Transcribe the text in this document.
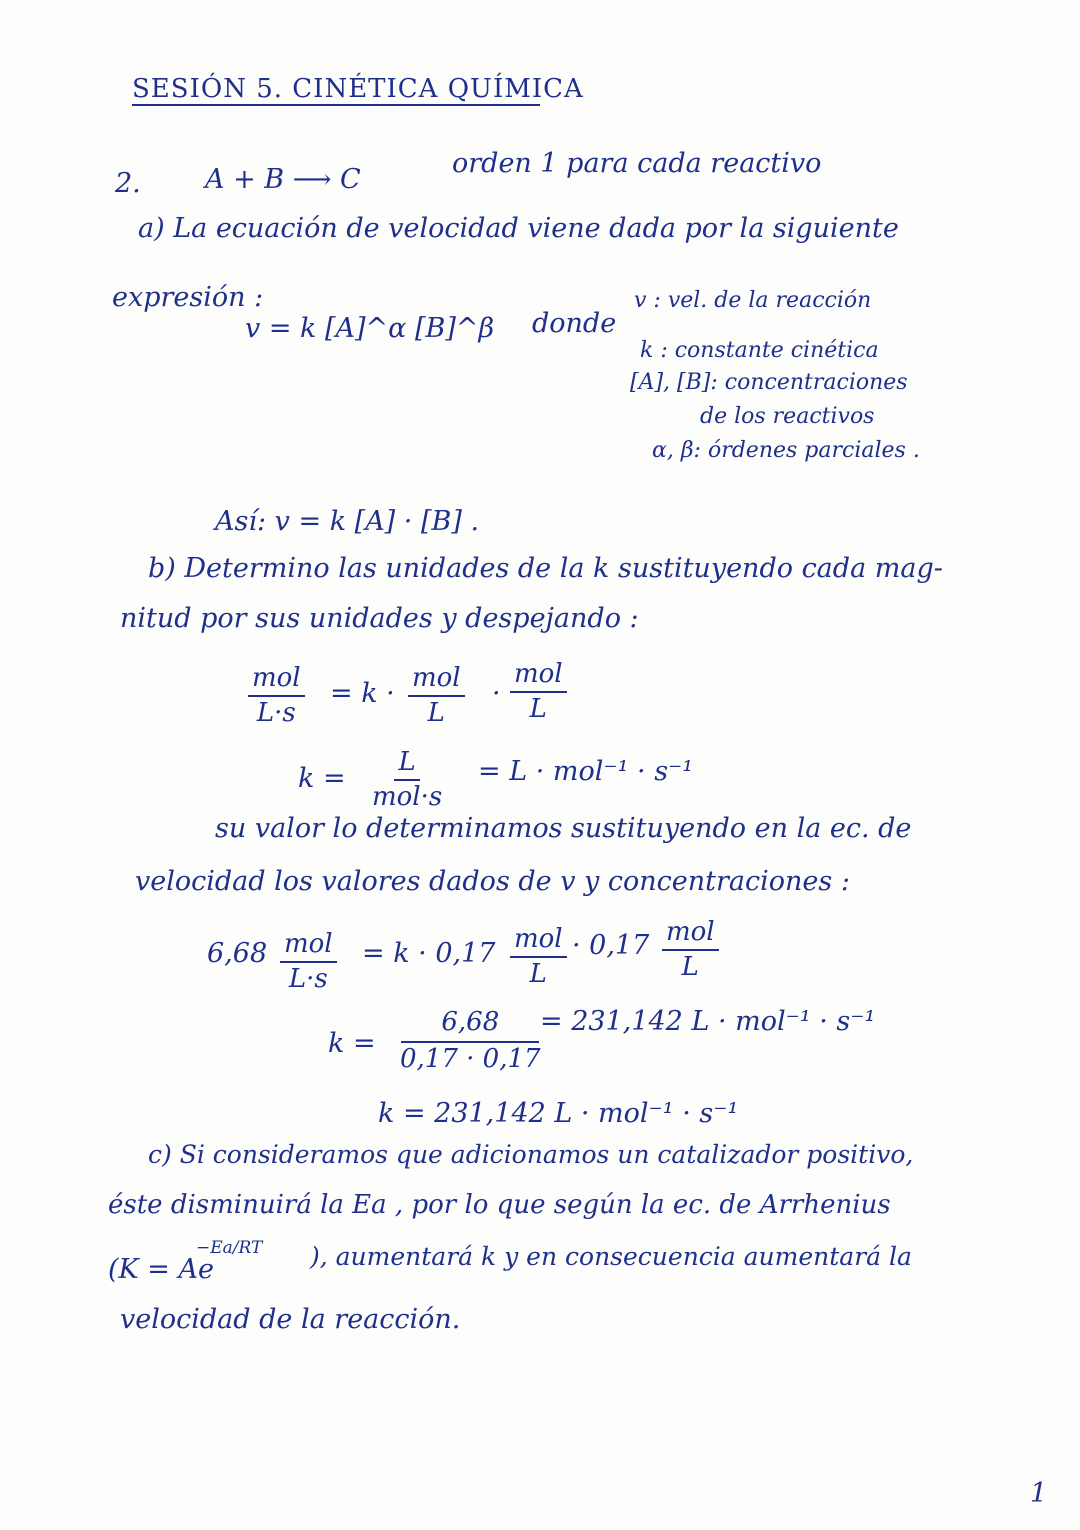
SESIÓN 5. CINÉTICA QUÍMICA
2. A + B ⟶ C
orden 1 para cada reactivo
a) La ecuación de velocidad viene dada por la siguiente
expresión :
v = k [A]^α [B]^β donde
v : vel. de la reacción
k : constante cinética
[A], [B]: concentraciones
de los reactivos
α, β: órdenes parciales .
Así: v = k [A] · [B] .
b) Determino las unidades de la k sustituyendo cada mag-
nitud por sus unidades y despejando :
mol
L·s
= k · mol
L
·
mol
L
k =
L
mol·s
= L · mol⁻¹ · s⁻¹
su valor lo determinamos sustituyendo en la ec. de
velocidad los valores dados de v y concentraciones :
6,68 mol
L·s
= k · 0,17 mol
L
· 0,17 mol
L
$k = \frac{6,68}{0,17 \cdot 0,17}$
= 231,142 L · mol⁻¹ · s⁻¹
k = 231,142 L · mol⁻¹ · s⁻¹
c) Si consideramos que adicionamos un catalizador positivo,
éste disminuirá la Ea , por lo que según la ec. de Arrhenius
(K = Ae
−Ea/RT ), aumentará k y en consecuencia aumentará la
velocidad de la reacción.
1
